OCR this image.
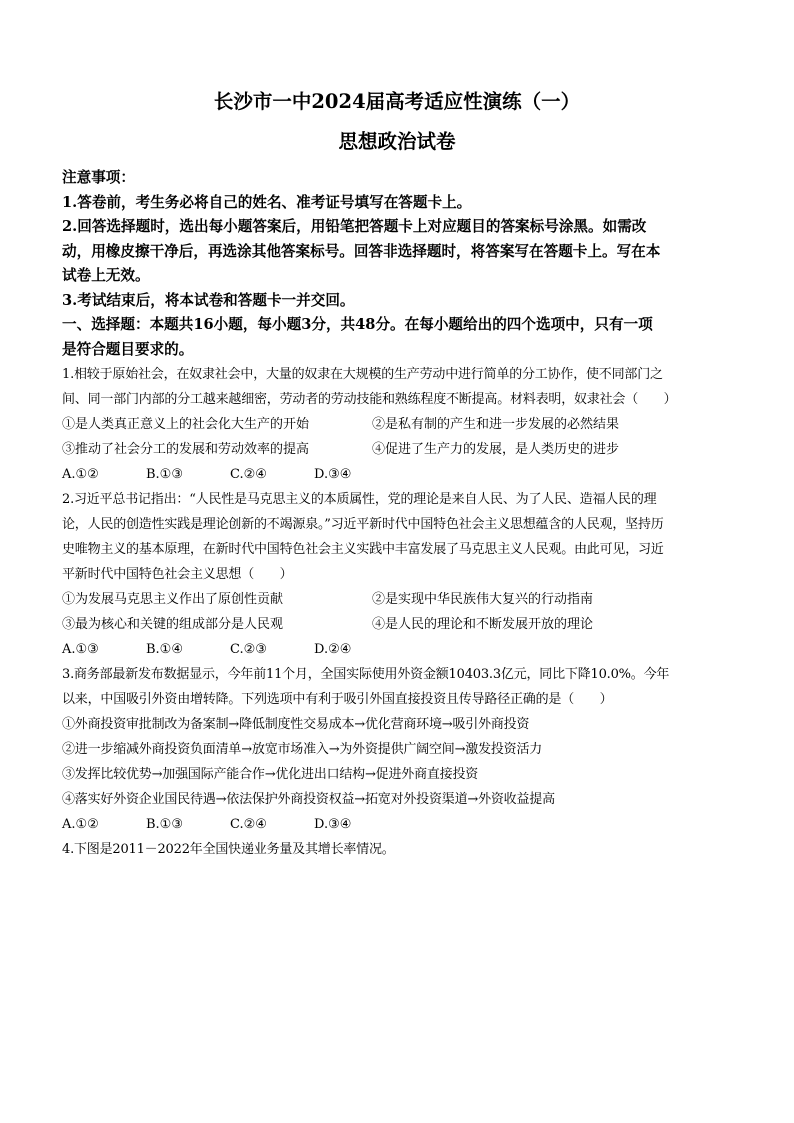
长沙市一中2024届高考适应性演练（一）
思想政治试卷

注意事项：

1.答卷前，考生务必将自己的姓名、准考证号填写在答题卡上。

2.回答选择题时，选出每小题答案后，用铅笔把答题卡上对应题目的答案标号涂黑。如需改

动，用橡皮擦干净后，再选涂其他答案标号。回答非选择题时，将答案写在答题卡上。写在本

试卷上无效。

3.考试结束后，将本试卷和答题卡一并交回。

一、选择题：本题共16小题，每小题3分，共48分。在每小题给出的四个选项中，只有一项

是符合题目要求的。

1.相较于原始社会，在奴隶社会中，大量的奴隶在大规模的生产劳动中进行简单的分工协作，使不同部门之

间、同一部门内部的分工越来越细密，劳动者的劳动技能和熟练程度不断提高。材料表明，奴隶社会（　　）

①是人类真正意义上的社会化大生产的开始	②是私有制的产生和进一步发展的必然结果
③推动了社会分工的发展和劳动效率的提高	④促进了生产力的发展，是人类历史的进步
A.①②	B.①③	C.②④	D.③④

2.习近平总书记指出：“人民性是马克思主义的本质属性，党的理论是来自人民、为了人民、造福人民的理

论，人民的创造性实践是理论创新的不竭源泉。”习近平新时代中国特色社会主义思想蕴含的人民观，坚持历

史唯物主义的基本原理，在新时代中国特色社会主义实践中丰富发展了马克思主义人民观。由此可见，习近

平新时代中国特色社会主义思想（　　）

①为发展马克思主义作出了原创性贡献	②是实现中华民族伟大复兴的行动指南
③最为核心和关键的组成部分是人民观	④是人民的理论和不断发展开放的理论
A.①③	B.①④	C.②③	D.②④

3.商务部最新发布数据显示，今年前11个月，全国实际使用外资金额10403.3亿元，同比下降10.0%。今年

以来，中国吸引外资由增转降。下列选项中有利于吸引外国直接投资且传导路径正确的是（　　）

①外商投资审批制改为备案制→降低制度性交易成本→优化营商环境→吸引外商投资

②进一步缩减外商投资负面清单→放宽市场准入→为外资提供广阔空间→激发投资活力

③发挥比较优势→加强国际产能合作→优化进出口结构→促进外商直接投资

④落实好外资企业国民待遇→依法保护外商投资权益→拓宽对外投资渠道→外资收益提高

A.①②	B.①③	C.②④	D.③④

4.下图是2011－2022年全国快递业务量及其增长率情况。
